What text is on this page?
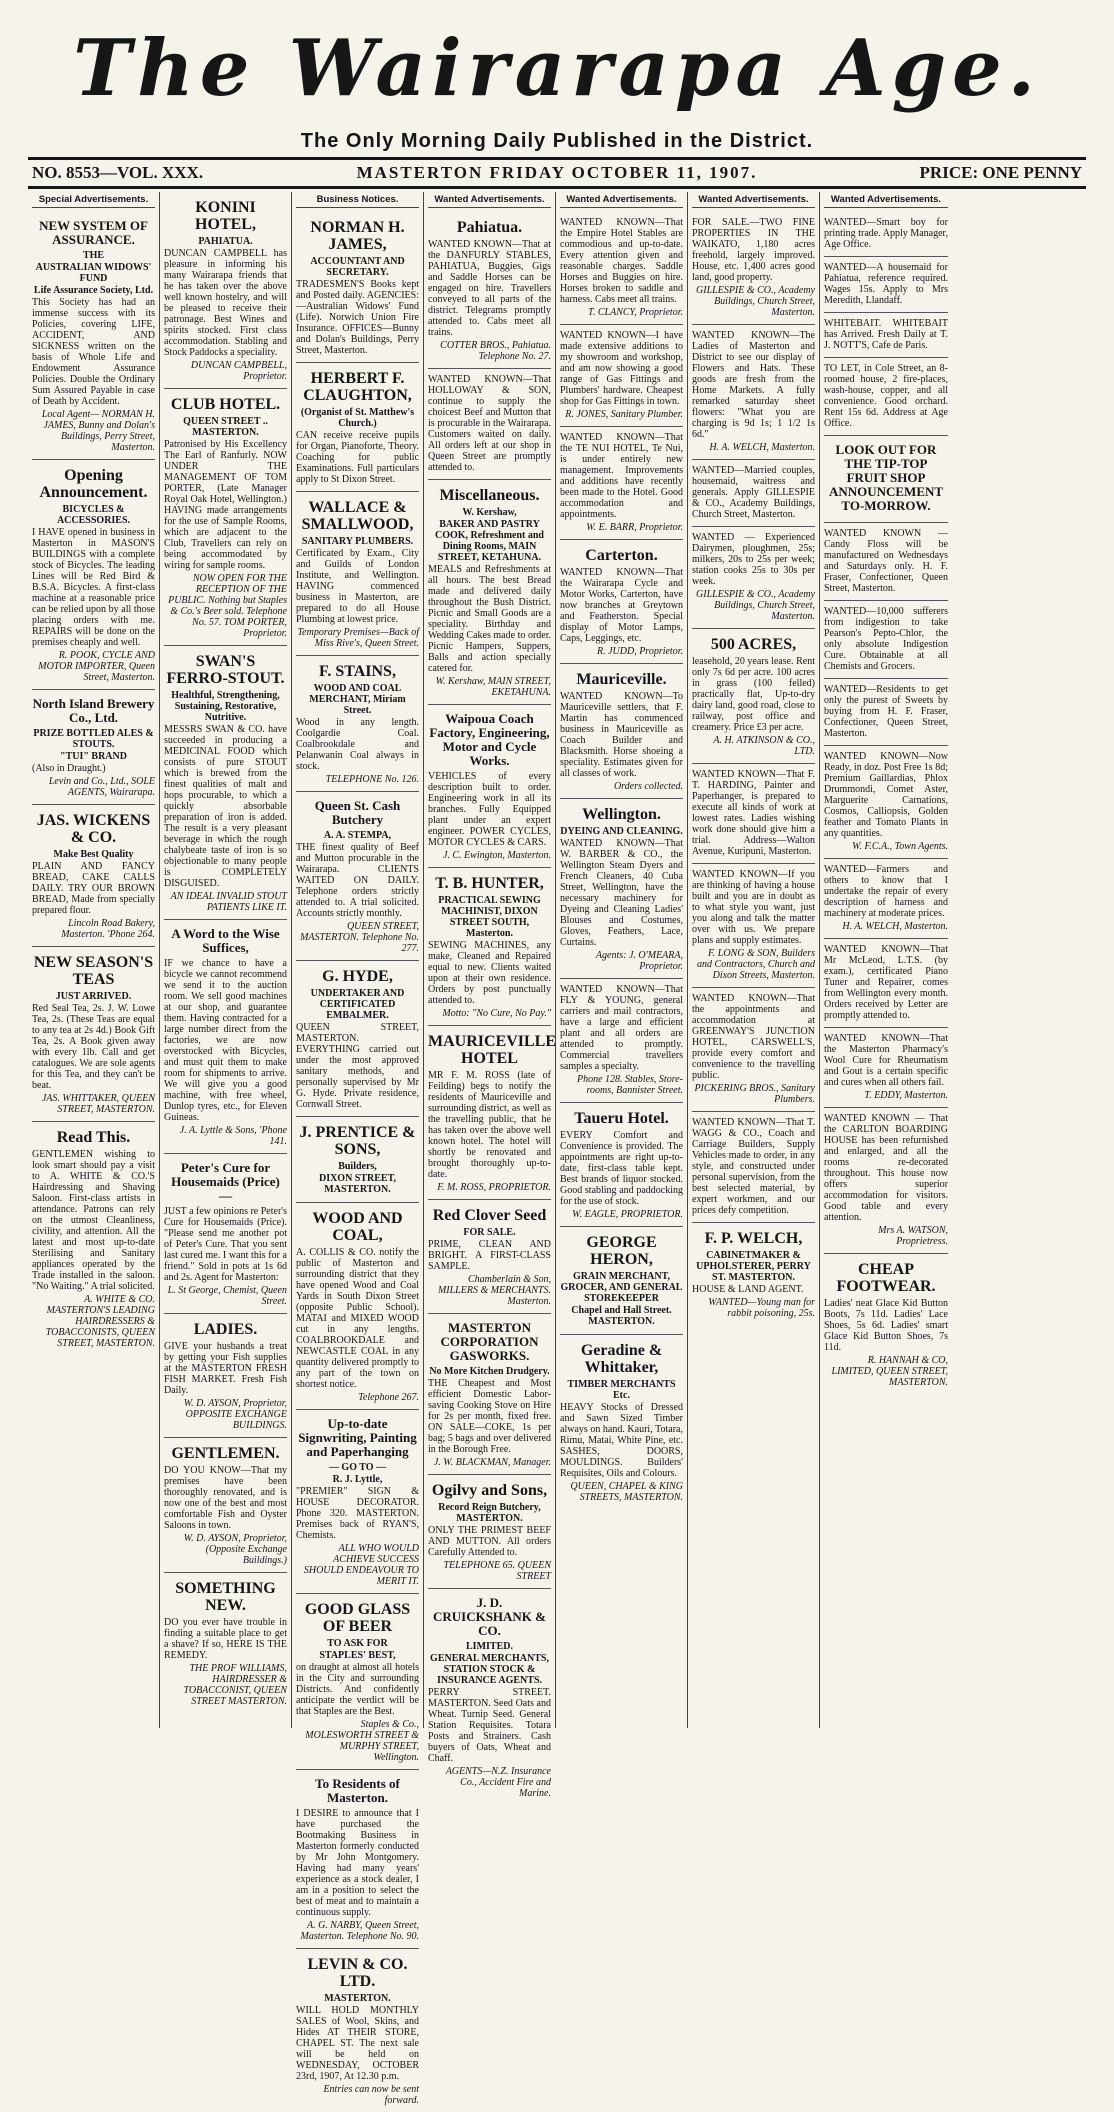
The Wairarapa Age.
The Only Morning Daily Published in the District.
NO. 8553—VOL. XXX.	MASTERTON FRIDAY OCTOBER 11, 1907.	PRICE: ONE PENNY
Special Advertisements.
NEW SYSTEM OF ASSURANCE.
THE
AUSTRALIAN WIDOWS' FUND
Life Assurance Society, Ltd.
This Society has had an immense success with its Policies, covering LIFE, ACCIDENT, AND SICKNESS written on the basis of Whole Life and Endowment Assurance Policies. Double the Ordinary Sum Assured Payable in case of Death by Accident.
Local Agent— NORMAN H. JAMES, Bunny and Dolan's Buildings, Perry Street, Masterton.
Opening Announcement.
BICYCLES & ACCESSORIES.
I HAVE opened in business in Masterton in MASON'S BUILDINGS with a complete stock of Bicycles. The leading Lines will be Red Bird & B.S.A. Bicycles. A first-class machine at a reasonable price can be relied upon by all those placing orders with me. REPAIRS will be done on the premises cheaply and well.
R. POOK, CYCLE AND MOTOR IMPORTER, Queen Street, Masterton.
North Island Brewery Co., Ltd.
PRIZE BOTTLED ALES & STOUTS.
"TUI" BRAND
(Also in Draught.)
Levin and Co., Ltd., SOLE AGENTS, Wairarapa.
JAS. WICKENS & CO.
Make Best Quality
PLAIN AND FANCY BREAD, CAKE CALLS DAILY. TRY OUR BROWN BREAD, Made from specially prepared flour.
Lincoln Road Bakery, Masterton. 'Phone 264.
NEW SEASON'S TEAS
JUST ARRIVED.
Red Seal Tea, 2s. J. W. Lowe Tea, 2s. (These Teas are equal to any tea at 2s 4d.) Book Gift Tea, 2s. A Book given away with every 1lb. Call and get catalogues. We are sole agents for this Tea, and they can't be beat.
JAS. WHITTAKER, QUEEN STREET, MASTERTON.
Read This.
GENTLEMEN wishing to look smart should pay a visit to A. WHITE & CO.'S Hairdressing and Shaving Saloon. First-class artists in attendance. Patrons can rely on the utmost Cleanliness, civility, and attention. All the latest and most up-to-date Sterilising and Sanitary appliances operated by the Trade installed in the saloon. "No Waiting." A trial solicited.
A. WHITE & CO. MASTERTON'S LEADING HAIRDRESSERS & TOBACCONISTS, QUEEN STREET, MASTERTON.
KONINI HOTEL,
PAHIATUA.
DUNCAN CAMPBELL has pleasure in informing his many Wairarapa friends that he has taken over the above well known hostelry, and will be pleased to receive their patronage. Best Wines and spirits stocked. First class accommodation. Stabling and Stock Paddocks a speciality.
DUNCAN CAMPBELL, Proprietor.
CLUB HOTEL.
QUEEN STREET .. MASTERTON.
Patronised by His Excellency The Earl of Ranfurly. NOW UNDER THE MANAGEMENT OF TOM PORTER, (Late Manager Royal Oak Hotel, Wellington.) HAVING made arrangements for the use of Sample Rooms, which are adjacent to the Club, Travellers can rely on being accommodated by wiring for sample rooms.
NOW OPEN FOR THE RECEPTION OF THE PUBLIC. Nothing but Staples & Co.'s Beer sold. Telephone No. 57. TOM PORTER, Proprietor.
SWAN'S FERRO-STOUT.
Healthful, Strengthening, Sustaining, Restorative, Nutritive.
MESSRS SWAN & CO. have succeeded in producing a MEDICINAL FOOD which consists of pure STOUT which is brewed from the finest qualities of malt and hops procurable, to which a quickly absorbable preparation of iron is added. The result is a very pleasant beverage in which the rough chalybeate taste of iron is so objectionable to many people is COMPLETELY DISGUISED.
AN IDEAL INVALID STOUT PATIENTS LIKE IT.
A Word to the Wise Suffices,
IF we chance to have a bicycle we cannot recommend we send it to the auction room. We sell good machines at our shop, and guarantee them. Having contracted for a large number direct from the factories, we are now overstocked with Bicycles, and must quit them to make room for shipments to arrive. We will give you a good machine, with free wheel, Dunlop tyres, etc., for Eleven Guineas.
J. A. Lyttle & Sons, 'Phone 141.
Peter's Cure for Housemaids (Price) —
JUST a few opinions re Peter's Cure for Housemaids (Price). "Please send me another pot of Peter's Cure. That you sent last cured me. I want this for a friend." Sold in pots at 1s 6d and 2s. Agent for Masterton:
L. St George, Chemist, Queen Street.
LADIES.
GIVE your husbands a treat by getting your Fish supplies at the MASTERTON FRESH FISH MARKET. Fresh Fish Daily.
W. D. AYSON, Proprietor, OPPOSITE EXCHANGE BUILDINGS.
GENTLEMEN.
DO YOU KNOW—That my premises have been thoroughly renovated, and is now one of the best and most comfortable Fish and Oyster Saloons in town.
W. D. AYSON, Proprietor, (Opposite Exchange Buildings.)
SOMETHING NEW.
DO you ever have trouble in finding a suitable place to get a shave? If so, HERE IS THE REMEDY.
THE PROF WILLIAMS, HAIRDRESSER & TOBACCONIST, QUEEN STREET MASTERTON.
Business Notices.
NORMAN H. JAMES,
ACCOUNTANT AND SECRETARY.
TRADESMEN'S Books kept and Posted daily. AGENCIES:—Australian Widows' Fund (Life). Norwich Union Fire Insurance. OFFICES—Bunny and Dolan's Buildings, Perry Street, Masterton.
HERBERT F. CLAUGHTON,
(Organist of St. Matthew's Church.)
CAN receive receive pupils for Organ, Pianoforte, Theory. Coaching for public Examinations. Full particulars apply to St Dixon Street.
WALLACE & SMALLWOOD,
SANITARY PLUMBERS.
Certificated by Exam., City and Guilds of London Institute, and Wellington. HAVING commenced business in Masterton, are prepared to do all House Plumbing at lowest price.
Temporary Premises—Back of Miss Rive's, Queen Street.
F. STAINS,
WOOD AND COAL MERCHANT, Miriam Street.
Wood in any length. Coolgardie Coal. Coalbrookdale and Pelanwanin Coal always in stock.
TELEPHONE No. 126.
Queen St. Cash Butchery
A. A. STEMPA,
THE finest quality of Beef and Mutton procurable in the Wairarapa. CLIENTS WAITED ON DAILY. Telephone orders strictly attended to. A trial solicited. Accounts strictly monthly.
QUEEN STREET, MASTERTON. Telephone No. 277.
G. HYDE,
UNDERTAKER AND CERTIFICATED EMBALMER.
QUEEN STREET, MASTERTON. EVERYTHING carried out under the most approved sanitary methods, and personally supervised by Mr G. Hyde. Private residence, Cornwall Street.
J. PRENTICE & SONS,
Builders,
DIXON STREET, MASTERTON.
WOOD AND COAL,
A. COLLIS & CO. notify the public of Masterton and surrounding district that they have opened Wood and Coal Yards in South Dixon Street (opposite Public School). MATAI and MIXED WOOD cut in any lengths. COALBROOKDALE and NEWCASTLE COAL in any quantity delivered promptly to any part of the town on shortest notice.
Telephone 267.
Up-to-date Signwriting, Painting and Paperhanging
— GO TO —
R. J. Lyttle,
"PREMIER" SIGN & HOUSE DECORATOR. Phone 320. MASTERTON. Premises back of RYAN'S, Chemists.
ALL WHO WOULD ACHIEVE SUCCESS SHOULD ENDEAVOUR TO MERIT IT.
GOOD GLASS OF BEER
TO ASK FOR
STAPLES' BEST,
on draught at almost all hotels in the City and surrounding Districts. And confidently anticipate the verdict will be that Staples are the Best.
Staples & Co., MOLESWORTH STREET & MURPHY STREET, Wellington.
To Residents of Masterton.
I DESIRE to announce that I have purchased the Bootmaking Business in Masterton formerly conducted by Mr John Montgomery. Having had many years' experience as a stock dealer, I am in a position to select the best of meat and to maintain a continuous supply.
A. G. NARBY, Queen Street, Masterton. Telephone No. 90.
LEVIN & CO. LTD.
MASTERTON.
WILL HOLD MONTHLY SALES of Wool, Skins, and Hides AT THEIR STORE, CHAPEL ST. The next sale will be held on WEDNESDAY, OCTOBER 23rd, 1907, At 12.30 p.m.
Entries can now be sent forward.
Wanted Advertisements.
Pahiatua.
WANTED KNOWN—That at the DANFURLY STABLES, PAHIATUA, Buggies, Gigs and Saddle Horses can be engaged on hire. Travellers conveyed to all parts of the district. Telegrams promptly attended to. Cabs meet all trains.
COTTER BROS., Pahiatua. Telephone No. 27.
WANTED KNOWN—That HOLLOWAY & SON, continue to supply the choicest Beef and Mutton that is procurable in the Wairarapa. Customers waited on daily. All orders left at our shop in Queen Street are promptly attended to.
Miscellaneous.
W. Kershaw,
BAKER AND PASTRY COOK, Refreshment and Dining Rooms, MAIN STREET, KETAHUNA.
MEALS and Refreshments at all hours. The best Bread made and delivered daily throughout the Bush District. Picnic and Small Goods are a speciality. Birthday and Wedding Cakes made to order. Picnic Hampers, Suppers, Balls and action specially catered for.
W. Kershaw, MAIN STREET, EKETAHUNA.
Waipoua Coach Factory, Engineering, Motor and Cycle Works.
VEHICLES of every description built to order. Engineering work in all its branches. Fully Equipped plant under an expert engineer. POWER CYCLES, MOTOR CYCLES & CARS.
J. C. Ewington, Masterton.
T. B. HUNTER,
PRACTICAL SEWING MACHINIST, DIXON STREET SOUTH, Masterton.
SEWING MACHINES, any make, Cleaned and Repaired equal to new. Clients waited upon at their own residence. Orders by post punctually attended to.
Motto: "No Cure, No Pay."
MAURICEVILLE HOTEL
MR F. M. ROSS (late of Feilding) begs to notify the residents of Mauriceville and surrounding district, as well as the travelling public, that he has taken over the above well known hotel. The hotel will shortly be renovated and brought thoroughly up-to-date.
F. M. ROSS, PROPRIETOR.
Red Clover Seed
FOR SALE.
PRIME, CLEAN AND BRIGHT. A FIRST-CLASS SAMPLE.
Chamberlain & Son, MILLERS & MERCHANTS. Masterton.
MASTERTON CORPORATION GASWORKS.
No More Kitchen Drudgery.
THE Cheapest and Most efficient Domestic Labor-saving Cooking Stove on Hire for 2s per month, fixed free. ON SALE—COKE, 1s per bag; 5 bags and over delivered in the Borough Free.
J. W. BLACKMAN, Manager.
Ogilvy and Sons,
Record Reign Butchery, MASTERTON.
ONLY THE PRIMEST BEEF AND MUTTON. All orders Carefully Attended to.
TELEPHONE 65. QUEEN STREET
J. D. CRUICKSHANK & CO.
LIMITED.
GENERAL MERCHANTS, STATION STOCK & INSURANCE AGENTS.
PERRY STREET. MASTERTON. Seed Oats and Wheat. Turnip Seed. General Station Requisites. Totara Posts and Strainers. Cash buyers of Oats, Wheat and Chaff.
AGENTS—N.Z. Insurance Co., Accident Fire and Marine.
Wanted Advertisements.
WANTED KNOWN—That the Empire Hotel Stables are commodious and up-to-date. Every attention given and reasonable charges. Saddle Horses and Buggies on hire. Horses broken to saddle and harness. Cabs meet all trains.
T. CLANCY, Proprietor.
WANTED KNOWN—I have made extensive additions to my showroom and workshop, and am now showing a good range of Gas Fittings and Plumbers' hardware. Cheapest shop for Gas Fittings in town.
R. JONES, Sanitary Plumber.
WANTED KNOWN—That the TE NUI HOTEL, Te Nui, is under entirely new management. Improvements and additions have recently been made to the Hotel. Good accommodation and appointments.
W. E. BARR, Proprietor.
Carterton.
WANTED KNOWN—That the Wairarapa Cycle and Motor Works, Carterton, have now branches at Greytown and Featherston. Special display of Motor Lamps, Caps, Leggings, etc.
R. JUDD, Proprietor.
Mauriceville.
WANTED KNOWN—To Mauriceville settlers, that F. Martin has commenced business in Mauriceville as Coach Builder and Blacksmith. Horse shoeing a speciality. Estimates given for all classes of work.
Orders collected.
Wellington.
DYEING AND CLEANING.
WANTED KNOWN—That W. BARBER & CO., the Wellington Steam Dyers and French Cleaners, 40 Cuba Street, Wellington, have the necessary machinery for Dyeing and Cleaning Ladies' Blouses and Costumes, Gloves, Feathers, Lace, Curtains.
Agents: J. O'MEARA, Proprietor.
WANTED KNOWN—That FLY & YOUNG, general carriers and mail contractors, have a large and efficient plant and all orders are attended to promptly. Commercial travellers samples a specialty.
Phone 128. Stables, Store-rooms, Bannister Street.
Taueru Hotel.
EVERY Comfort and Convenience is provided. The appointments are right up-to-date, first-class table kept. Best brands of liquor stocked. Good stabling and paddocking for the use of stock.
W. EAGLE, PROPRIETOR.
GEORGE HERON,
GRAIN MERCHANT, GROCER, AND GENERAL STOREKEEPER
Chapel and Hall Street. MASTERTON.
Geradine & Whittaker,
TIMBER MERCHANTS Etc.
HEAVY Stocks of Dressed and Sawn Sized Timber always on hand. Kauri, Totara, Rimu, Matai, White Pine, etc. SASHES, DOORS, MOULDINGS. Builders' Requisites, Oils and Colours.
QUEEN, CHAPEL & KING STREETS, MASTERTON.
Wanted Advertisements.
FOR SALE.—TWO FINE PROPERTIES IN THE WAIKATO, 1,180 acres freehold, largely improved. House, etc. 1,400 acres good land, good property.
GILLESPIE & CO., Academy Buildings, Church Street, Masterton.
WANTED KNOWN—The Ladies of Masterton and District to see our display of Flowers and Hats. These goods are fresh from the Home Markets. A fully remarked saturday sheet flowers: "What you are charging is 9d 1s; 1 1/2 1s 6d."
H. A. WELCH, Masterton.
WANTED—Married couples, housemaid, waitress and generals. Apply GILLESPIE & CO., Academy Buildings, Church Street, Masterton.
WANTED — Experienced Dairymen, ploughmen, 25s; milkers, 20s to 25s per week; station cooks 25s to 30s per week.
GILLESPIE & CO., Academy Buildings, Church Street, Masterton.
500 ACRES,
leasehold, 20 years lease. Rent only 7s 6d per acre. 100 acres in grass (100 felled) practically flat, Up-to-dry dairy land, good road, close to railway, post office and creamery. Price £3 per acre.
A. H. ATKINSON & CO., LTD.
WANTED KNOWN—That F. T. HARDING, Painter and Paperhanger, is prepared to execute all kinds of work at lowest rates. Ladies wishing work done should give him a trial. Address—Walton Avenue, Kuripuni, Masterton.
WANTED KNOWN—If you are thinking of having a house built and you are in doubt as to what style you want, just you along and talk the matter over with us. We prepare plans and supply estimates.
F. LONG & SON, Builders and Contractors, Church and Dixon Streets, Masterton.
WANTED KNOWN—That the appointments and accommodation at GREENWAY'S JUNCTION HOTEL, CARSWELL'S, provide every comfort and convenience to the travelling public.
PICKERING BROS., Sanitary Plumbers.
WANTED KNOWN—That T. WAGG & CO., Coach and Carriage Builders, Supply Vehicles made to order, in any style, and constructed under personal supervision, from the best selected material, by expert workmen, and our prices defy competition.
F. P. WELCH,
CABINETMAKER & UPHOLSTERER, PERRY ST. MASTERTON.
HOUSE & LAND AGENT.
WANTED—Young man for rabbit poisoning, 25s.
Wanted Advertisements.
WANTED—Smart boy for printing trade. Apply Manager, Age Office.
WANTED—A housemaid for Pahiatua, reference required. Wages 15s. Apply to Mrs Meredith, Llandaff.
WHITEBAIT. WHITEBAIT has Arrived. Fresh Daily at T. J. NOTT'S, Cafe de Paris.
TO LET, in Cole Street, an 8-roomed house, 2 fire-places, wash-house, copper, and all convenience. Good orchard. Rent 15s 6d. Address at Age Office.
LOOK OUT FOR THE TIP-TOP FRUIT SHOP ANNOUNCEMENT TO-MORROW.
WANTED KNOWN — Candy Floss will be manufactured on Wednesdays and Saturdays only. H. F. Fraser, Confectioner, Queen Street, Masterton.
WANTED—10,000 sufferers from indigestion to take Pearson's Pepto-Chlor, the only absolute Indigestion Cure. Obtainable at all Chemists and Grocers.
WANTED—Residents to get only the purest of Sweets by buying from H. F. Fraser, Confectioner, Queen Street, Masterton.
WANTED KNOWN—Now Ready, in doz. Post Free 1s 8d; Premium Gaillardias, Phlox Drummondi, Comet Aster, Marguerite Carnations, Cosmos, Calliopsis, Golden feather and Tomato Plants in any quantities.
W. F.C.A., Town Agents.
WANTED—Farmers and others to know that I undertake the repair of every description of harness and machinery at moderate prices.
H. A. WELCH, Masterton.
WANTED KNOWN—That Mr McLeod, L.T.S. (by exam.), certificated Piano Tuner and Repairer, comes from Wellington every month. Orders received by Letter are promptly attended to.
WANTED KNOWN—That the Masterton Pharmacy's Wool Cure for Rheumatism and Gout is a certain specific and cures when all others fail.
T. EDDY, Masterton.
WANTED KNOWN — That the CARLTON BOARDING HOUSE has been refurnished and enlarged, and all the rooms re-decorated throughout. This house now offers superior accommodation for visitors. Good table and every attention.
Mrs A. WATSON, Proprietress.
CHEAP FOOTWEAR.
Ladies' neat Glace Kid Button Boots, 7s 11d. Ladies' Lace Shoes, 5s 6d. Ladies' smart Glace Kid Button Shoes, 7s 11d.
R. HANNAH & CO, LIMITED, QUEEN STREET, MASTERTON.
